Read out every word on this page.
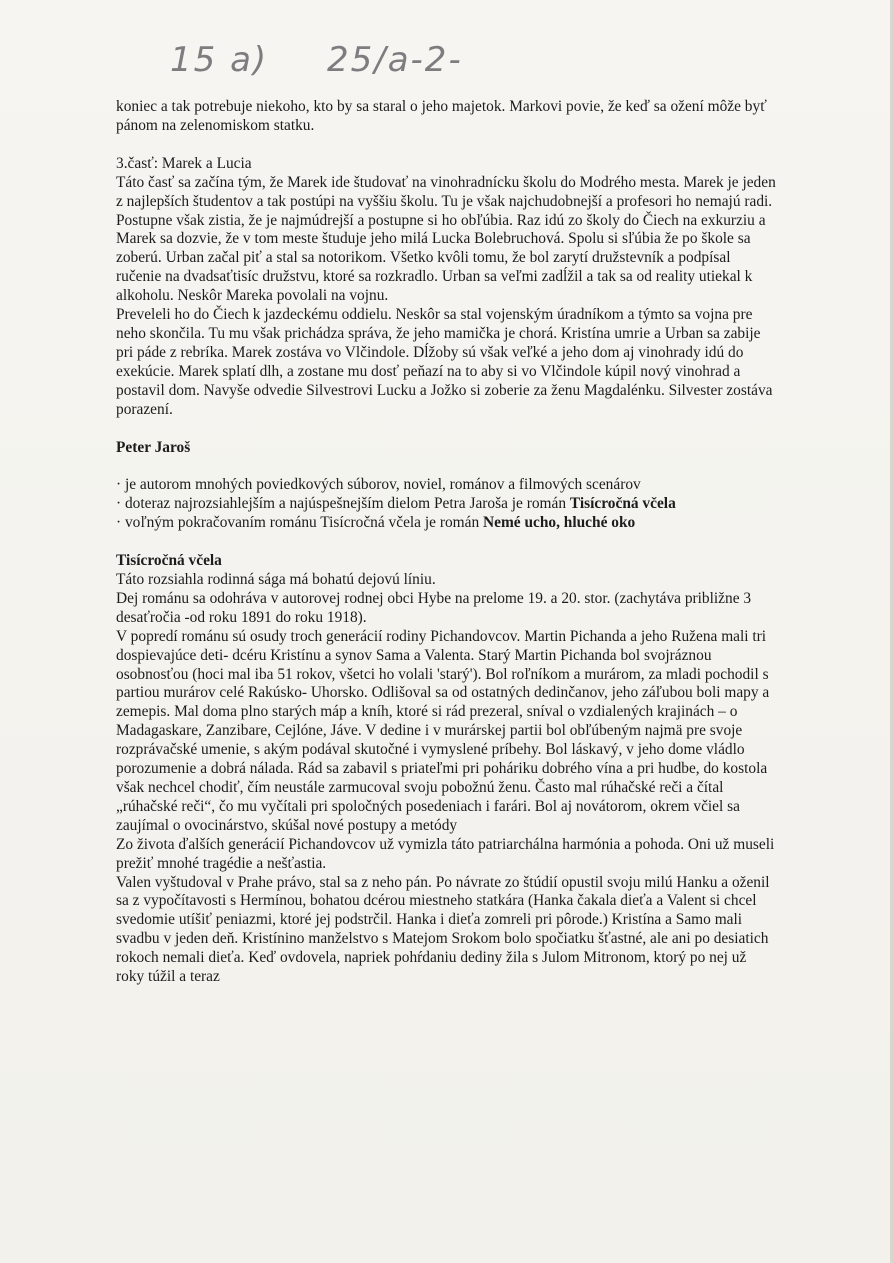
15 a) 25/a-2-

koniec a tak potrebuje niekoho, kto by sa staral o jeho majetok. Markovi povie, že keď sa ožení môže byť pánom na zelenomiskom statku.

3.časť: Marek a Lucia

Táto časť sa začína tým, že Marek ide študovať na vinohradnícku školu do Modrého mesta. Marek je jeden z najlepších študentov a tak postúpi na vyššiu školu. Tu je však najchudobnejší a profesori ho nemajú radi. Postupne však zistia, že je najmúdrejší a postupne si ho obľúbia. Raz idú zo školy do Čiech na exkurziu a Marek sa dozvie, že v tom meste študuje jeho milá Lucka Bolebruchová. Spolu si sľúbia že po škole sa zoberú. Urban začal piť a stal sa notorikom. Všetko kvôli tomu, že bol zarytí družstevník a podpísal ručenie na dvadsaťtisíc družstvu, ktoré sa rozkradlo. Urban sa veľmi zadĺžil a tak sa od reality utiekal k alkoholu. Neskôr Mareka povolali na vojnu.

Preveleli ho do Čiech k jazdeckému oddielu. Neskôr sa stal vojenským úradníkom a týmto sa vojna pre neho skončila. Tu mu však prichádza správa, že jeho mamička je chorá. Kristína umrie a Urban sa zabije pri páde z rebríka. Marek zostáva vo Vlčindole. Dĺžoby sú však veľké a jeho dom aj vinohrady idú do exekúcie. Marek splatí dlh, a zostane mu dosť peňazí na to aby si vo Vlčindole kúpil nový vinohrad a postavil dom. Navyše odvedie Silvestrovi Lucku a Jožko si zoberie za ženu Magdalénku. Silvester zostáva porazení.

Peter Jaroš

· je autorom mnohých poviedkových súborov, noviel, románov a filmových scenárov

· doteraz najrozsiahlejším a najúspešnejším dielom Petra Jaroša je román Tisícročná včela

· voľným pokračovaním románu Tisícročná včela je román Nemé ucho, hluché oko

Tisícročná včela

Táto rozsiahla rodinná sága má bohatú dejovú líniu.

Dej románu sa odohráva v autorovej rodnej obci Hybe na prelome 19. a 20. stor. (zachytáva približne 3 desaťročia -od roku 1891 do roku 1918).

V popredí románu sú osudy troch generácií rodiny Pichandovcov. Martin Pichanda a jeho Ružena mali tri dospievajúce deti- dcéru Kristínu a synov Sama a Valenta. Starý Martin Pichanda bol svojráznou osobnosťou (hoci mal iba 51 rokov, všetci ho volali 'starý'). Bol roľníkom a murárom, za mladi pochodil s partiou murárov celé Rakúsko- Uhorsko. Odlišoval sa od ostatných dedinčanov, jeho záľubou boli mapy a zemepis. Mal doma plno starých máp a kníh, ktoré si rád prezeral, sníval o vzdialených krajinách – o Madagaskare, Zanzibare, Cejlóne, Jáve. V dedine i v murárskej partii bol obľúbeným najmä pre svoje rozprávačské umenie, s akým podával skutočné i vymyslené príbehy. Bol láskavý, v jeho dome vládlo porozumenie a dobrá nálada. Rád sa zabavil s priateľmi pri poháriku dobrého vína a pri hudbe, do kostola však nechcel chodiť, čím neustále zarmucoval svoju pobožnú ženu. Často mal rúhačské reči a čítal „rúhačské reči“, čo mu vyčítali pri spoločných posedeniach i farári. Bol aj novátorom, okrem včiel sa zaujímal o ovocinárstvo, skúšal nové postupy a metódy

Zo života ďalších generácií Pichandovcov už vymizla táto patriarchálna harmónia a pohoda. Oni už museli prežiť mnohé tragédie a nešťastia.

Valen vyštudoval v Prahe právo, stal sa z neho pán. Po návrate zo štúdií opustil svoju milú Hanku a oženil sa z vypočítavosti s Hermínou, bohatou dcérou miestneho statkára (Hanka čakala dieťa a Valent si chcel svedomie utíšiť peniazmi, ktoré jej podstrčil. Hanka i dieťa zomreli pri pôrode.) Kristína a Samo mali svadbu v jeden deň. Kristínino manželstvo s Matejom Srokom bolo spočiatku šťastné, ale ani po desiatich rokoch nemali dieťa. Keď ovdovela, napriek pohŕdaniu dediny žila s Julom Mitronom, ktorý po nej už roky túžil a teraz
